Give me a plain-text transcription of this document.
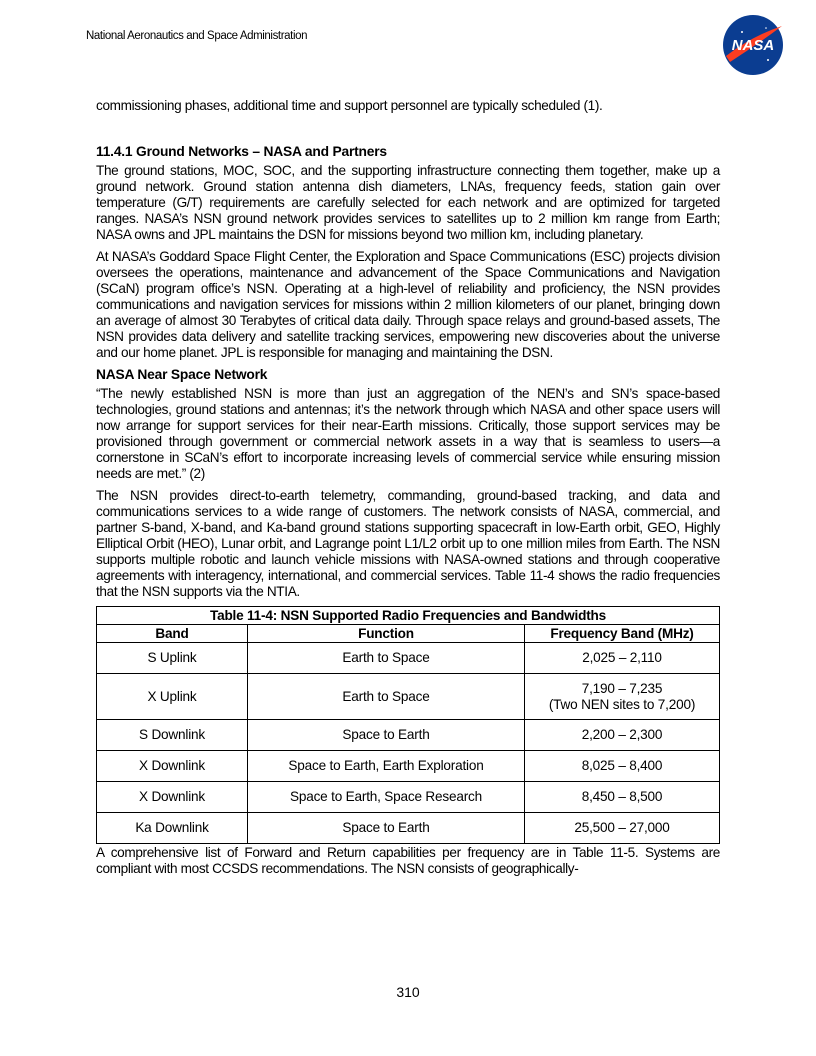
National Aeronautics and Space Administration
NASA

commissioning phases, additional time and support personnel are typically scheduled (1).

11.4.1 Ground Networks – NASA and Partners

The ground stations, MOC, SOC, and the supporting infrastructure connecting them together, make up a ground network. Ground station antenna dish diameters, LNAs, frequency feeds, station gain over temperature (G/T) requirements are carefully selected for each network and are optimized for targeted ranges. NASA’s NSN ground network provides services to satellites up to 2 million km range from Earth; NASA owns and JPL maintains the DSN for missions beyond two million km, including planetary.

At NASA’s Goddard Space Flight Center, the Exploration and Space Communications (ESC) projects division oversees the operations, maintenance and advancement of the Space Communications and Navigation (SCaN) program office’s NSN. Operating at a high-level of reliability and proficiency, the NSN provides communications and navigation services for missions within 2 million kilometers of our planet, bringing down an average of almost 30 Terabytes of critical data daily. Through space relays and ground-based assets, The NSN provides data delivery and satellite tracking services, empowering new discoveries about the universe and our home planet. JPL is responsible for managing and maintaining the DSN.

NASA Near Space Network

“The newly established NSN is more than just an aggregation of the NEN’s and SN’s space-based technologies, ground stations and antennas; it’s the network through which NASA and other space users will now arrange for support services for their near-Earth missions. Critically, those support services may be provisioned through government or commercial network assets in a way that is seamless to users—a cornerstone in SCaN’s effort to incorporate increasing levels of commercial service while ensuring mission needs are met.” (2)

The NSN provides direct-to-earth telemetry, commanding, ground-based tracking, and data and communications services to a wide range of customers. The network consists of NASA, commercial, and partner S-band, X-band, and Ka-band ground stations supporting spacecraft in low-Earth orbit, GEO, Highly Elliptical Orbit (HEO), Lunar orbit, and Lagrange point L1/L2 orbit up to one million miles from Earth. The NSN supports multiple robotic and launch vehicle missions with NASA-owned stations and through cooperative agreements with interagency, international, and commercial services. Table 11-4 shows the radio frequencies that the NSN supports via the NTIA.

Table 11-4: NSN Supported Radio Frequencies and Bandwidths		
Band	Function	Frequency Band (MHz)
S Uplink	Earth to Space	2,025 – 2,110
X Uplink	Earth to Space	7,190 – 7,235
(Two NEN sites to 7,200)
S Downlink	Space to Earth	2,200 – 2,300
X Downlink	Space to Earth, Earth Exploration	8,025 – 8,400
X Downlink	Space to Earth, Space Research	8,450 – 8,500
Ka Downlink	Space to Earth	25,500 – 27,000

A comprehensive list of Forward and Return capabilities per frequency are in Table 11-5. Systems are compliant with most CCSDS recommendations. The NSN consists of geographically-

310
